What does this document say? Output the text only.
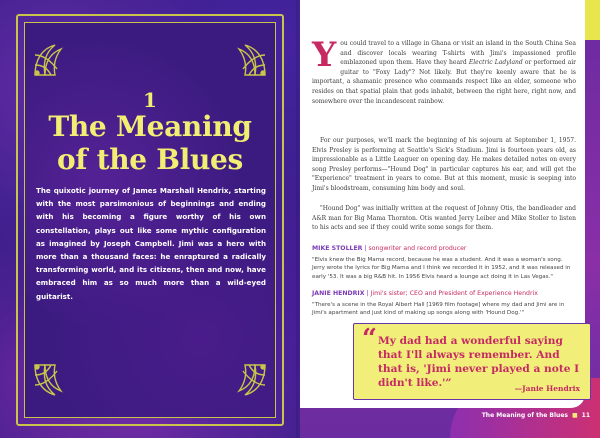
1
The Meaning
of the Blues

The quixotic journey of James Marshall Hendrix, starting with the most parsimonious of beginnings and ending with his becoming a figure worthy of his own constellation, plays out like some mythic configuration as imagined by Joseph Campbell. Jimi was a hero with more than a thousand faces: he enraptured a radically transforming world, and its citizens, then and now, have embraced him as so much more than a wild-eyed guitarist.

You could travel to a village in Ghana or visit an island in the South China Sea and discover locals wearing T-shirts with Jimi's impassioned profile emblazoned upon them. Have they heard Electric Ladyland or performed air guitar to "Foxy Lady"? Not likely. But they're keenly aware that he is important, a shamanic presence who commands respect like an elder, someone who resides on that spatial plain that gods inhabit, between the right here, right now, and somewhere over the incandescent rainbow.

For our purposes, we'll mark the beginning of his sojourn at September 1, 1957. Elvis Presley is performing at Seattle's Sick's Stadium. Jimi is fourteen years old, as impressionable as a Little Leaguer on opening day. He makes detailed notes on every song Presley performs—"Hound Dog" in particular captures his ear, and will get the "Experience" treatment in years to come. But at this moment, music is seeping into Jimi's bloodstream, consuming him body and soul.

"Hound Dog" was initially written at the request of Johnny Otis, the bandleader and A&R man for Big Mama Thornton. Otis wanted Jerry Leiber and Mike Stoller to listen to his acts and see if they could write some songs for them.

MIKE STOLLER | songwriter and record producer

"Elvis knew the Big Mama record, because he was a student. And it was a woman's song. Jerry wrote the lyrics for Big Mama and I think we recorded it in 1952, and it was released in early '53. It was a big R&B hit. In 1956 Elvis heard a lounge act doing it in Las Vegas."

JANIE HENDRIX | Jimi's sister; CEO and President of Experience Hendrix

"There's a scene in the Royal Albert Hall [1969 film footage] where my dad and Jimi are in Jimi's apartment and just kind of making up songs along with 'Hound Dog.'"

“ My dad had a wonderful saying that I'll always remember. And that is, 'Jimi never played a note I didn't like.'”	—Janie Hendrix
The Meaning of the Blues ■ 11
